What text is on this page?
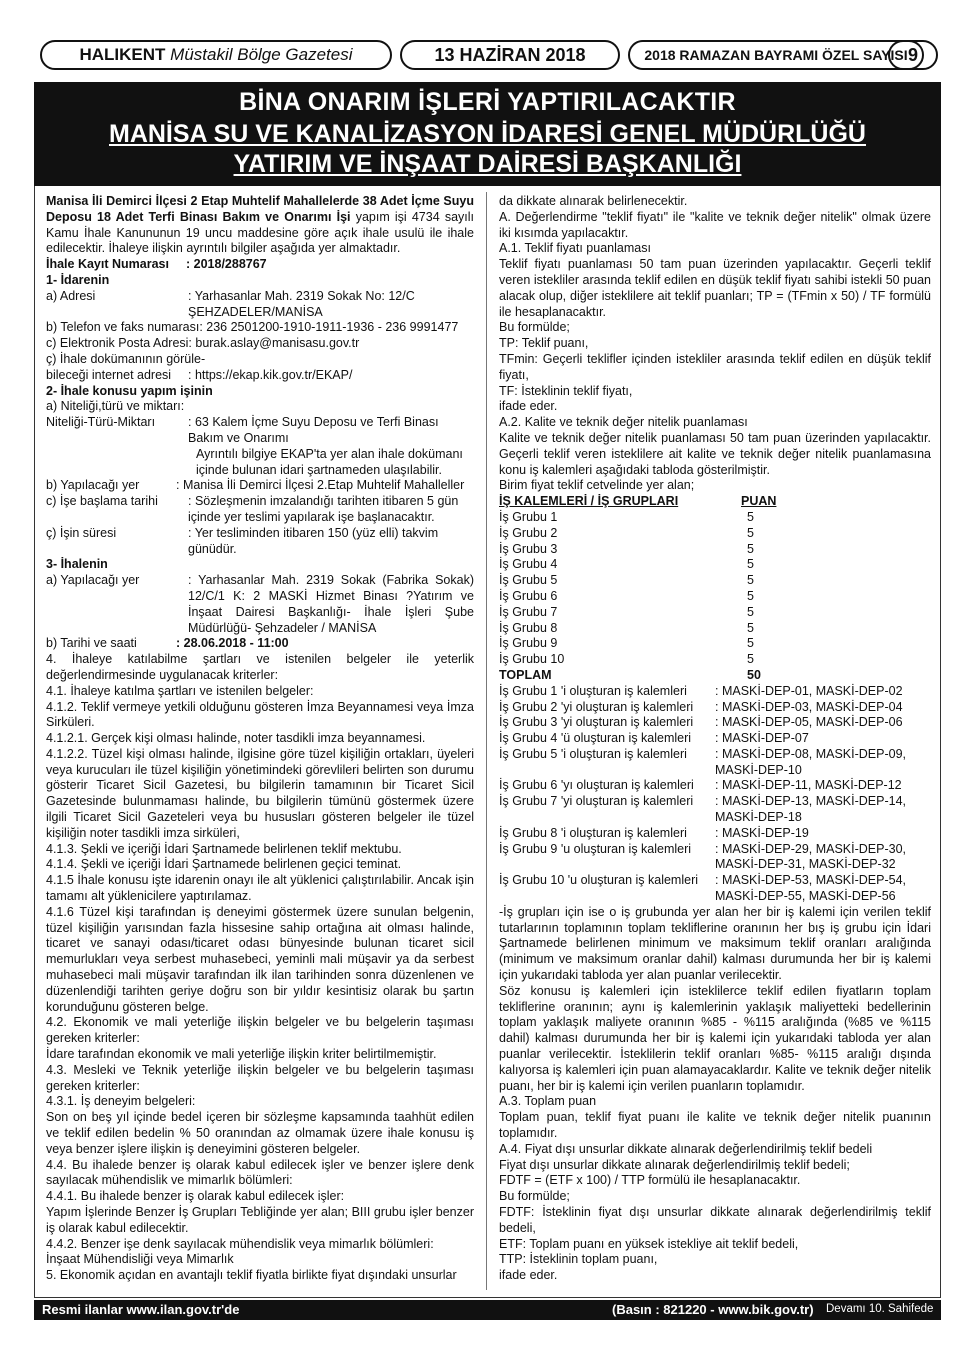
HALIKENT
Müstakil Bölge Gazetesi	13 HAZİRAN 2018	2018 RAMAZAN BAYRAMI ÖZEL SAYISI 9
BİNA ONARIM İŞLERİ YAPTIRILACAKTIR
MANİSA SU VE KANALİZASYON İDARESİ GENEL MÜDÜRLÜĞÜ
YATIRIM VE İNŞAAT DAİRESİ BAŞKANLIĞI

Manisa İli Demirci İlçesi 2 Etap Muhtelif Mahallelerde 38 Adet İçme Suyu Deposu 18 Adet Terfi Binası Bakım ve Onarımı İşi yapım işi 4734 sayılı Kamu İhale Kanununun 19 uncu maddesine göre açık ihale usulü ile ihale edilecektir. İhaleye ilişkin ayrıntılı bilgiler aşağıda yer almaktadır.

İhale Kayıt Numarası	: 2018/288767
1- İdarenin
a) Adresi	: Yarhasanlar Mah. 2319 Sokak No: 12/C ŞEHZADELER/MANİSA
b) Telefon ve faks numarası: 236 2501200-1910-1911-1936 - 236 9991477
c) Elektronik Posta Adresi: burak.aslay@manisasu.gov.tr
ç) İhale dokümanının görüle-
bileceği internet adresi	: https://ekap.kik.gov.tr/EKAP/
2- İhale konusu yapım işinin
a) Niteliği,türü ve miktarı:
Niteliği-Türü-Miktarı	: 63 Kalem İçme Suyu Deposu ve Terfi Binası Bakım ve Onarımı
Ayrıntılı bilgiye EKAP'ta yer alan ihale dokümanı içinde bulunan idari şartnameden ulaşılabilir.
b) Yapılacağı yer	: Manisa İli Demirci İlçesi 2.Etap Muhtelif Mahalleller
c) İşe başlama tarihi	: Sözleşmenin imzalandığı tarihten itibaren 5 gün içinde yer teslimi yapılarak işe başlanacaktır.
ç) İşin süresi	: Yer tesliminden itibaren 150 (yüz elli) takvim günüdür.
3- İhalenin
a) Yapılacağı yer	: Yarhasanlar Mah. 2319 Sokak (Fabrika Sokak) 12/C/1 K: 2 MASKİ Hizmet Binası ?Yatırım ve İnşaat Dairesi Başkanlığı- İhale İşleri Şube Müdürlüğü- Şehzadeler / MANİSA
b) Tarihi ve saati	: 28.06.2018 - 11:00

4. İhaleye katılabilme şartları ve istenilen belgeler ile yeterlik değerlendirmesinde uygulanacak kriterler:

4.1. İhaleye katılma şartları ve istenilen belgeler:

4.1.2. Teklif vermeye yetkili olduğunu gösteren İmza Beyannamesi veya İmza Sirküleri.

4.1.2.1. Gerçek kişi olması halinde, noter tasdikli imza beyannamesi.

4.1.2.2. Tüzel kişi olması halinde, ilgisine göre tüzel kişiliğin ortakları, üyeleri veya kurucuları ile tüzel kişiliğin yönetimindeki görevlileri belirten son durumu gösterir Ticaret Sicil Gazetesi, bu bilgilerin tamamının bir Ticaret Sicil Gazetesinde bulunmaması halinde, bu bilgilerin tümünü göstermek üzere ilgili Ticaret Sicil Gazeteleri veya bu hususları gösteren belgeler ile tüzel kişiliğin noter tasdikli imza sirküleri,

4.1.3. Şekli ve içeriği İdari Şartnamede belirlenen teklif mektubu.

4.1.4. Şekli ve içeriği İdari Şartnamede belirlenen geçici teminat.

4.1.5 İhale konusu işte idarenin onayı ile alt yüklenici çalıştırılabilir. Ancak işin tamamı alt yüklenicilere yaptırılamaz.

4.1.6 Tüzel kişi tarafından iş deneyimi göstermek üzere sunulan belgenin, tüzel kişiliğin yarısından fazla hissesine sahip ortağına ait olması halinde, ticaret ve sanayi odası/ticaret odası bünyesinde bulunan ticaret sicil memurlukları veya serbest muhasebeci, yeminli mali müşavir ya da serbest muhasebeci mali müşavir tarafından ilk ilan tarihinden sonra düzenlenen ve düzenlendiği tarihten geriye doğru son bir yıldır kesintisiz olarak bu şartın korunduğunu gösteren belge.

4.2. Ekonomik ve mali yeterliğe ilişkin belgeler ve bu belgelerin taşıması gereken kriterler:

İdare tarafından ekonomik ve mali yeterliğe ilişkin kriter belirtilmemiştir.

4.3. Mesleki ve Teknik yeterliğe ilişkin belgeler ve bu belgelerin taşıması gereken kriterler:

4.3.1. İş deneyim belgeleri:

Son on beş yıl içinde bedel içeren bir sözleşme kapsamında taahhüt edilen ve teklif edilen bedelin % 50 oranından az olmamak üzere ihale konusu iş veya benzer işlere ilişkin iş deneyimini gösteren belgeler.

4.4. Bu ihalede benzer iş olarak kabul edilecek işler ve benzer işlere denk sayılacak mühendislik ve mimarlık bölümleri:

4.4.1. Bu ihalede benzer iş olarak kabul edilecek işler:

Yapım İşlerinde Benzer İş Grupları Tebliğinde yer alan; BIII grubu işler benzer iş olarak kabul edilecektir.

4.4.2. Benzer işe denk sayılacak mühendislik veya mimarlık bölümleri:

İnşaat Mühendisliği veya Mimarlık

5. Ekonomik açıdan en avantajlı teklif fiyatla birlikte fiyat dışındaki unsurlar

da dikkate alınarak belirlenecektir.

A. Değerlendirme "teklif fiyatı" ile "kalite ve teknik değer nitelik" olmak üzere iki kısımda yapılacaktır.

A.1. Teklif fiyatı puanlaması

Teklif fiyatı puanlaması 50 tam puan üzerinden yapılacaktır. Geçerli teklif veren istekliler arasında teklif edilen en düşük teklif fiyatı sahibi istekli 50 puan alacak olup, diğer isteklilere ait teklif puanları; TP = (TFmin x 50) / TF formülü ile hesaplanacaktır.

Bu formülde;

TP: Teklif puanı,

TFmin: Geçerli teklifler içinden istekliler arasında teklif edilen en düşük teklif fiyatı,

TF: İsteklinin teklif fiyatı,

ifade eder.

A.2. Kalite ve teknik değer nitelik puanlaması

Kalite ve teknik değer nitelik puanlaması 50 tam puan üzerinden yapılacaktır. Geçerli teklif veren isteklilere ait kalite ve teknik değer nitelik puanlamasına konu iş kalemleri aşağıdaki tabloda gösterilmiştir.

Birim fiyat teklif cetvelinde yer alan;

İŞ KALEMLERİ / İŞ GRUPLARI	PUAN
İş Grubu 1	5
İş Grubu 2	5
İş Grubu 3	5
İş Grubu 4	5
İş Grubu 5	5
İş Grubu 6	5
İş Grubu 7	5
İş Grubu 8	5
İş Grubu 9	5
İş Grubu 10	5
TOPLAM	50
İş Grubu 1 'i oluşturan iş kalemleri	: MASKİ-DEP-01, MASKİ-DEP-02
İş Grubu 2 'yi oluşturan iş kalemleri	: MASKİ-DEP-03, MASKİ-DEP-04
İş Grubu 3 'yi oluşturan iş kalemleri	: MASKİ-DEP-05, MASKİ-DEP-06
İş Grubu 4 'ü oluşturan iş kalemleri	: MASKİ-DEP-07
İş Grubu 5 'i oluşturan iş kalemleri	: MASKİ-DEP-08, MASKİ-DEP-09, MASKİ-DEP-10
İş Grubu 6 'yı oluşturan iş kalemleri	: MASKİ-DEP-11, MASKİ-DEP-12
İş Grubu 7 'yi oluşturan iş kalemleri	: MASKİ-DEP-13, MASKİ-DEP-14, MASKİ-DEP-18
İş Grubu 8 'i oluşturan iş kalemleri	: MASKİ-DEP-19
İş Grubu 9 'u oluşturan iş kalemleri	: MASKİ-DEP-29, MASKİ-DEP-30, MASKİ-DEP-31, MASKİ-DEP-32
İş Grubu 10 'u oluşturan iş kalemleri	: MASKİ-DEP-53, MASKİ-DEP-54, MASKİ-DEP-55, MASKİ-DEP-56

-İş grupları için ise o iş grubunda yer alan her bir iş kalemi için verilen teklif tutarlarının toplamının toplam tekliflerine oranının her bış iş grubu için İdari Şartnamede belirlenen minimum ve maksimum teklif oranları aralığında (minimum ve maksimum oranlar dahil) kalması durumunda her bir iş kalemi için yukarıdaki tabloda yer alan puanlar verilecektir.

Söz konusu iş kalemleri için isteklilerce teklif edilen fiyatların toplam tekliflerine oranının; aynı iş kalemlerinin yaklaşık maliyetteki bedellerinin toplam yaklaşık maliyete oranının %85 - %115 aralığında (%85 ve %115 dahil) kalması durumunda her bir iş kalemi için yukarıdaki tabloda yer alan puanlar verilecektir. İsteklilerin teklif oranları %85- %115 aralığı dışında kalıyorsa iş kalemleri için puan alamayacaklardır. Kalite ve teknik değer nitelik puanı, her bir iş kalemi için verilen puanların toplamıdır.

A.3. Toplam puan

Toplam puan, teklif fiyat puanı ile kalite ve teknik değer nitelik puanının toplamıdır.

A.4. Fiyat dışı unsurlar dikkate alınarak değerlendirilmiş teklif bedeli

Fiyat dışı unsurlar dikkate alınarak değerlendirilmiş teklif bedeli;

FDTF = (ETF x 100) / TTP formülü ile hesaplanacaktır.

Bu formülde;

FDTF: İsteklinin fiyat dışı unsurlar dikkate alınarak değerlendirilmiş teklif bedeli,

ETF: Toplam puanı en yüksek istekliye ait teklif bedeli,

TTP: İsteklinin toplam puanı,

ifade eder.

Resmi ilanlar www.ilan.gov.tr'de	(Basın : 821220 - www.bik.gov.tr) Devamı 10. Sahifede
